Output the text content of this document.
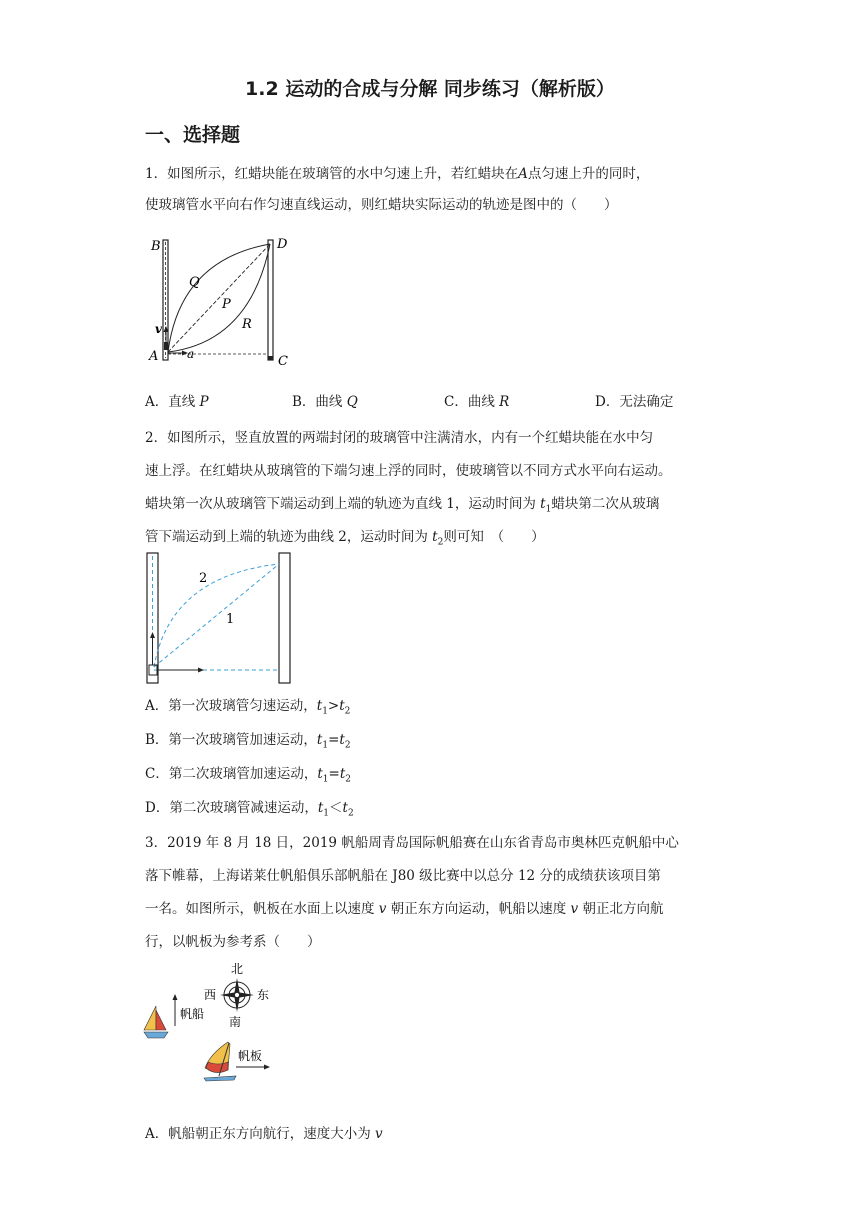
1.2 运动的合成与分解 同步练习（解析版）
一、选择题
1．如图所示，红蜡块能在玻璃管的水中匀速上升，若红蜡块在A点匀速上升的同时，
使玻璃管水平向右作匀速直线运动，则红蜡块实际运动的轨迹是图中的（　　）
B	D
Q
P
R
v
A a	C
A．直线 P	B．曲线 Q	C．曲线 R	D．无法确定
2．如图所示，竖直放置的两端封闭的玻璃管中注满清水，内有一个红蜡块能在水中匀
速上浮。在红蜡块从玻璃管的下端匀速上浮的同时，使玻璃管以不同方式水平向右运动。
蜡块第一次从玻璃管下端运动到上端的轨迹为直线 1，运动时间为 $t_1$蜡块第二次从玻璃
管下端运动到上端的轨迹为曲线 2，运动时间为 $t_2$则可知　（　　）
2
1
A．第一次玻璃管匀速运动，$t_1>t_2$
B．第一次玻璃管加速运动，$t_1=t_2$
C．第二次玻璃管加速运动，$t_1=t_2$
D．第二次玻璃管减速运动，$t_1<t_2$
3．2019 年 8 月 18 日，2019 帆船周青岛国际帆船赛在山东省青岛市奥林匹克帆船中心
落下帷幕，上海诺莱仕帆船俱乐部帆船在 J80 级比赛中以总分 12 分的成绩获该项目第
一名。如图所示，帆板在水面上以速度 v 朝正东方向运动，帆船以速度 v 朝正北方向航
行，以帆板为参考系（　　）
北
南
西	东
帆船
帆板
A．帆船朝正东方向航行，速度大小为 v
